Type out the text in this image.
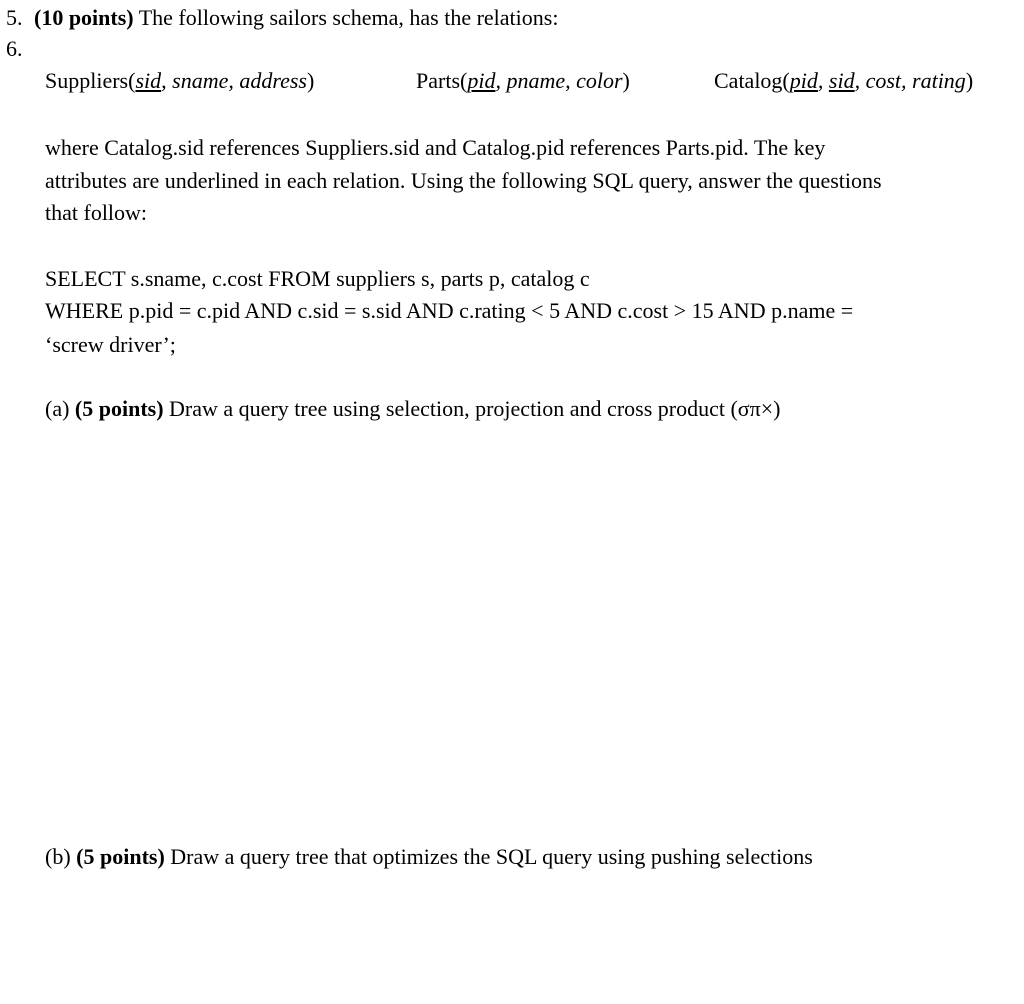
5. (10 points) The following sailors schema, has the relations:
6.
Suppliers(sid, sname, address)	Parts(pid, pname, color)	Catalog(pid, sid, cost, rating)
where Catalog.sid references Suppliers.sid and Catalog.pid references Parts.pid. The key
attributes are underlined in each relation. Using the following SQL query, answer the questions
that follow:
SELECT s.sname, c.cost FROM suppliers s, parts p, catalog c
WHERE p.pid = c.pid AND c.sid = s.sid AND c.rating < 5 AND c.cost > 15 AND p.name =
‘screw driver’;
(a) (5 points) Draw a query tree using selection, projection and cross product (σπ×)
(b) (5 points) Draw a query tree that optimizes the SQL query using pushing selections
